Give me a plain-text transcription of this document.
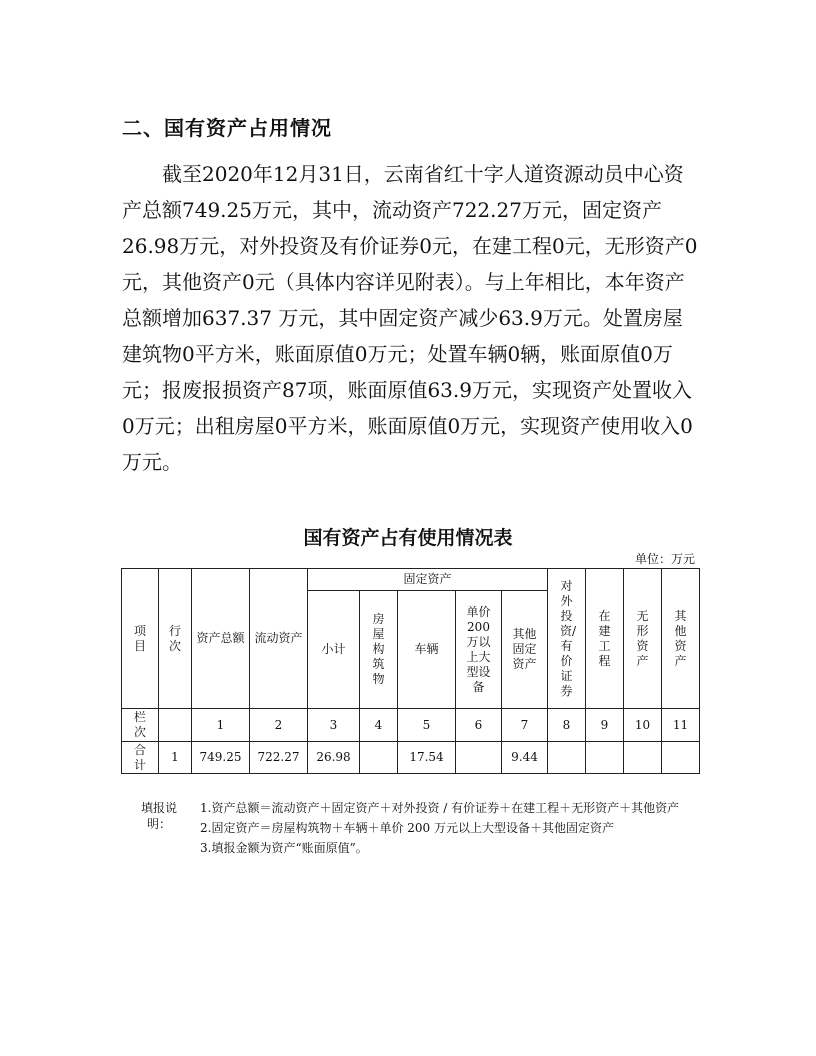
二、国有资产占用情况

截至2020年12月31日，云南省红十字人道资源动员中心资产总额749.25万元，其中，流动资产722.27万元，固定资产26.98万元，对外投资及有价证券0元，在建工程0元，无形资产0元，其他资产0元（具体内容详见附表）。与上年相比，本年资产总额增加637.37 万元，其中固定资产减少63.9万元。处置房屋建筑物0平方米，账面原值0万元；处置车辆0辆，账面原值0万元；报废报损资产87项，账面原值63.9万元，实现资产处置收入0万元；出租房屋0平方米，账面原值0万元，实现资产使用收入0万元。

国有资产占有使用情况表
单位：万元
项目	行次	资产总额	流动资产	固定资产					对外投资/有价证券	在建工程	无形资产	其他资产
				小计	房屋构筑物	车辆	单价200万以上大型设备	其他固定资产				
栏次		1	2	3	4	5	6	7	8	9	10	11
合计	1	749.25	722.27	26.98		17.54		9.44				
填报说明：
1.资产总额＝流动资产＋固定资产＋对外投资 / 有价证券＋在建工程＋无形资产＋其他资产
2.固定资产＝房屋构筑物＋车辆＋单价 200 万元以上大型设备＋其他固定资产
3.填报金额为资产“账面原值”。
